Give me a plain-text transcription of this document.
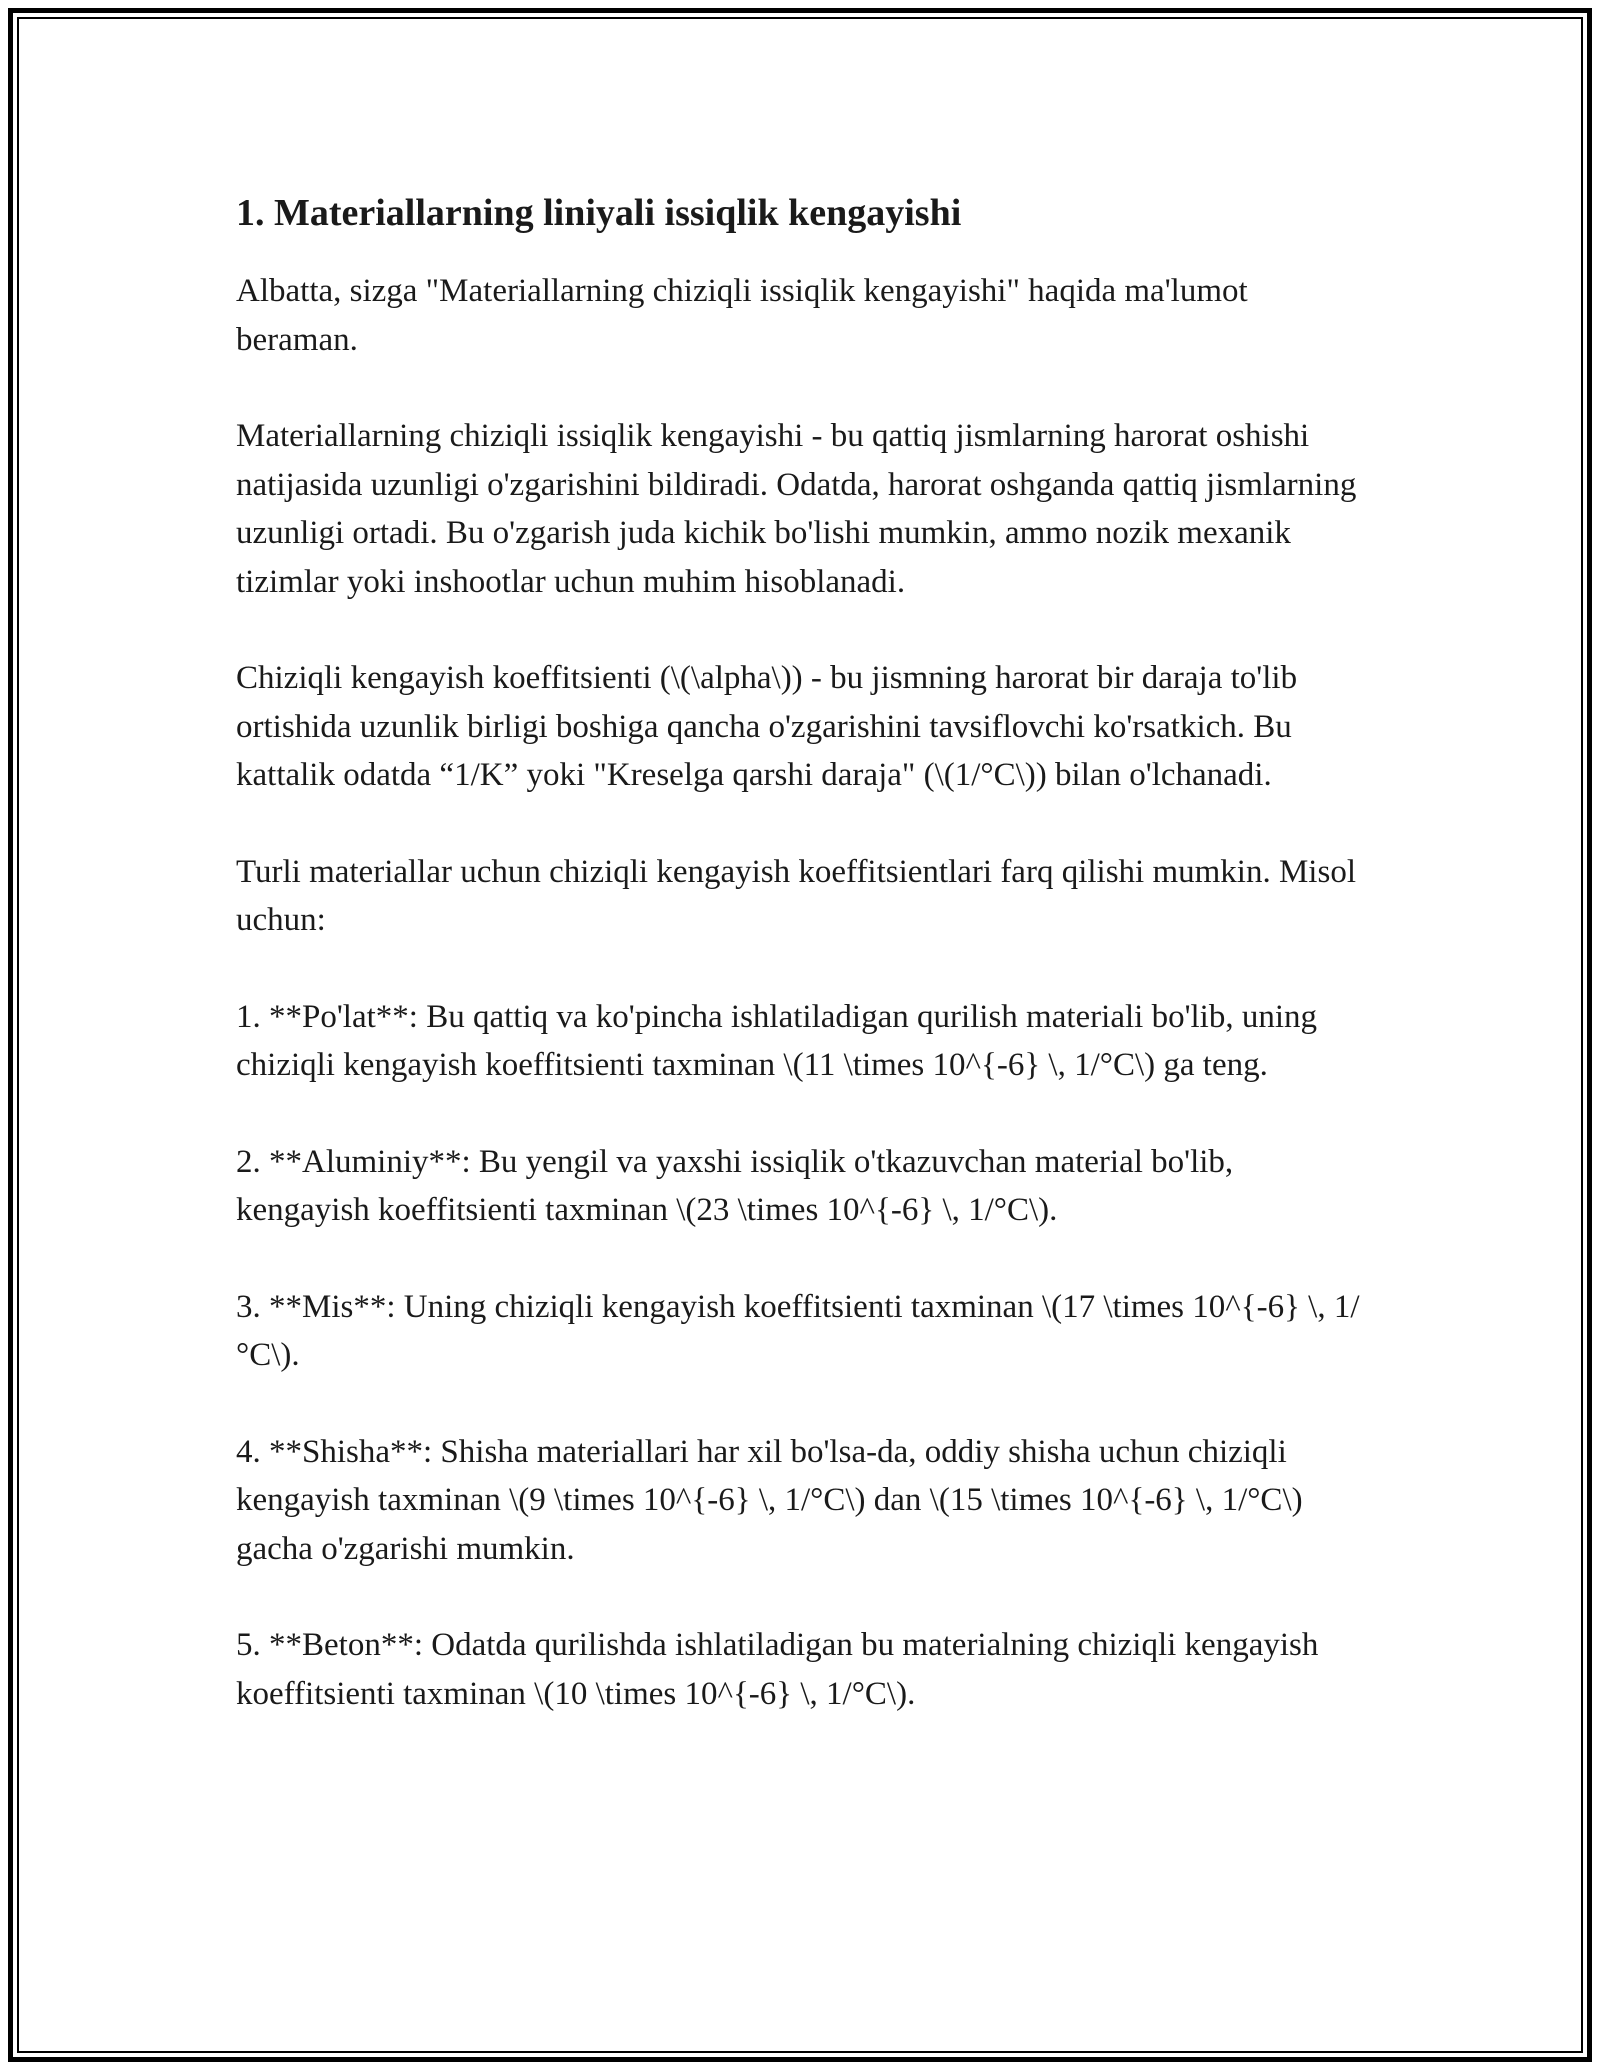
1. Materiallarning liniyali issiqlik kengayishi

Albatta, sizga "Materiallarning chiziqli issiqlik kengayishi" haqida ma'lumot beraman.

Materiallarning chiziqli issiqlik kengayishi - bu qattiq jismlarning harorat oshishi natijasida uzunligi o'zgarishini bildiradi. Odatda, harorat oshganda qattiq jismlarning uzunligi ortadi. Bu o'zgarish juda kichik bo'lishi mumkin, ammo nozik mexanik tizimlar yoki inshootlar uchun muhim hisoblanadi.

Chiziqli kengayish koeffitsienti (\(\alpha\)) - bu jismning harorat bir daraja to'lib ortishida uzunlik birligi boshiga qancha o'zgarishini tavsiflovchi ko'rsatkich. Bu kattalik odatda “1/K” yoki "Kreselga qarshi daraja" (\(1/°C\)) bilan o'lchanadi.

Turli materiallar uchun chiziqli kengayish koeffitsientlari farq qilishi mumkin. Misol uchun:

1. **Po'lat**: Bu qattiq va ko'pincha ishlatiladigan qurilish materiali bo'lib, uning chiziqli kengayish koeffitsienti taxminan \(11 \times 10^{-6} \, 1/°C\) ga teng.

2. **Aluminiy**: Bu yengil va yaxshi issiqlik o'tkazuvchan material bo'lib, kengayish koeffitsienti taxminan \(23 \times 10^{-6} \, 1/°C\).

3. **Mis**: Uning chiziqli kengayish koeffitsienti taxminan \(17 \times 10^{-6} \, 1/°C\).

4. **Shisha**: Shisha materiallari har xil bo'lsa-da, oddiy shisha uchun chiziqli kengayish taxminan \(9 \times 10^{-6} \, 1/°C\) dan \(15 \times 10^{-6} \, 1/°C\) gacha o'zgarishi mumkin.

5. **Beton**: Odatda qurilishda ishlatiladigan bu materialning chiziqli kengayish koeffitsienti taxminan \(10 \times 10^{-6} \, 1/°C\).
